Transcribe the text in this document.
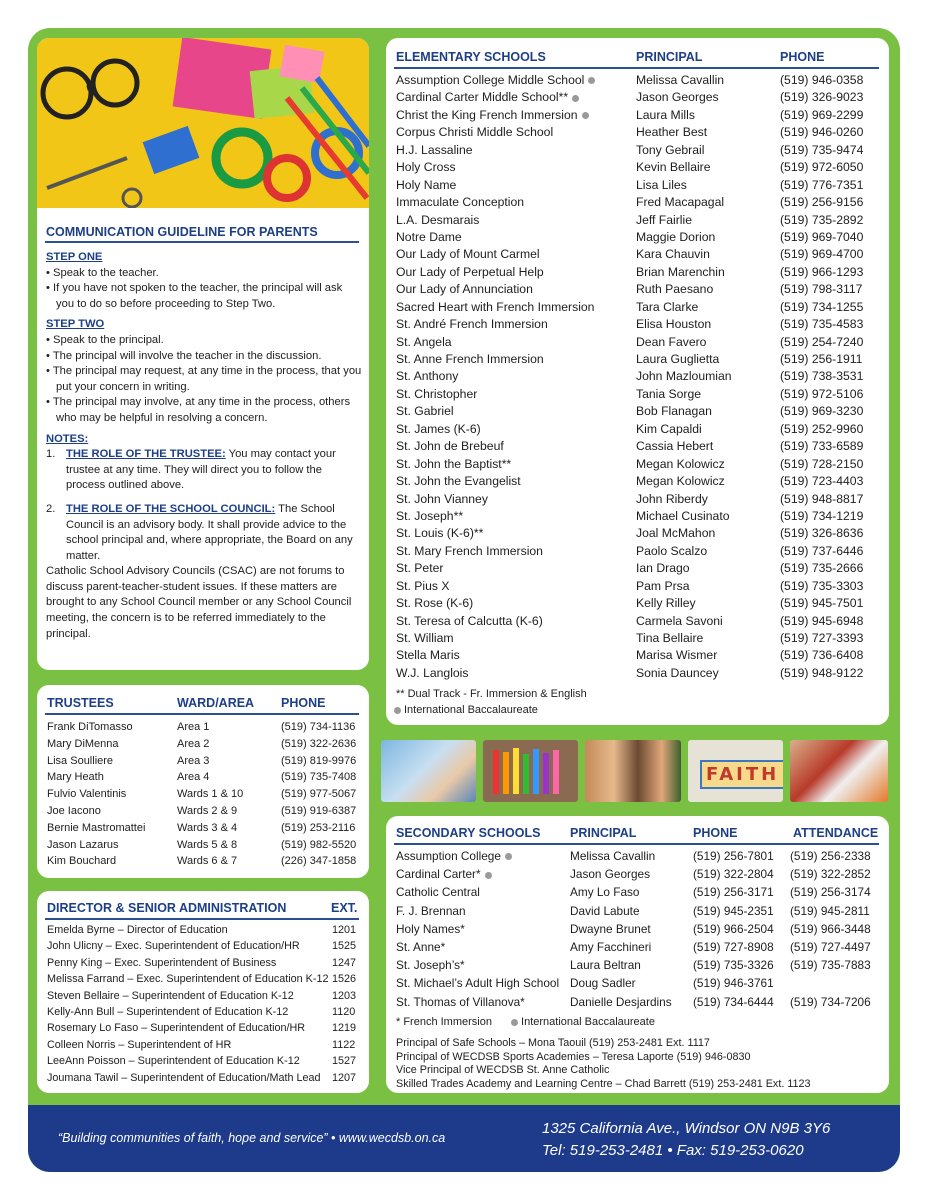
COMMUNICATION GUIDELINE FOR PARENTS
STEP ONE
• Speak to the teacher.
• If you have not spoken to the teacher, the principal will ask you to do so before proceeding to Step Two.
STEP TWO
• Speak to the principal.
• The principal will involve the teacher in the discussion.
• The principal may request, at any time in the process, that you put your concern in writing.
• The principal may involve, at any time in the process, others who may be helpful in resolving a concern.
NOTES:
1. THE ROLE OF THE TRUSTEE: You may contact your trustee at any time. They will direct you to follow the process outlined above.
2. THE ROLE OF THE SCHOOL COUNCIL: The School Council is an advisory body. It shall provide advice to the school principal and, where appropriate, the Board on any matter.
Catholic School Advisory Councils (CSAC) are not forums to discuss parent-teacher-student issues. If these matters are brought to any School Council member or any School Council meeting, the concern is to be referred immediately to the principal.
TRUSTEES	WARD/AREA PHONE
Frank DiTomasso	Area 1	(519) 734-1136
Mary DiMenna	Area 2	(519) 322-2636
Lisa Soulliere	Area 3	(519) 819-9976
Mary Heath	Area 4	(519) 735-7408
Fulvio Valentinis	Wards 1 & 10	(519) 977-5067
Joe Iacono	Wards 2 & 9	(519) 919-6387
Bernie Mastromattei	Wards 3 & 4	(519) 253-2116
Jason Lazarus	Wards 5 & 8	(519) 982-5520
Kim Bouchard	Wards 6 & 7	(226) 347-1858
DIRECTOR & SENIOR ADMINISTRATION	EXT.
Emelda Byrne – Director of Education	1201
John Ulicny – Exec. Superintendent of Education/HR	1525
Penny King – Exec. Superintendent of Business	1247
Melissa Farrand – Exec. Superintendent of Education K-12 1526
Steven Bellaire – Superintendent of Education K-12	1203
Kelly-Ann Bull – Superintendent of Education K-12	1120
Rosemary Lo Faso – Superintendent of Education/HR 1219
Colleen Norris – Superintendent of HR	1122
LeeAnn Poisson – Superintendent of Education K-12	1527
Joumana Tawil – Superintendent of Education/Math Lead 1207
ELEMENTARY SCHOOLS	PRINCIPAL	PHONE
Assumption College Middle School	Melissa Cavallin	(519) 946-0358
Cardinal Carter Middle School**	Jason Georges	(519) 326-9023
Christ the King French Immersion	Laura Mills	(519) 969-2299
Corpus Christi Middle School	Heather Best	(519) 946-0260
H.J. Lassaline	Tony Gebrail	(519) 735-9474
Holy Cross	Kevin Bellaire	(519) 972-6050
Holy Name	Lisa Liles	(519) 776-7351
Immaculate Conception	Fred Macapagal	(519) 256-9156
L.A. Desmarais	Jeff Fairlie	(519) 735-2892
Notre Dame	Maggie Dorion	(519) 969-7040
Our Lady of Mount Carmel	Kara Chauvin	(519) 969-4700
Our Lady of Perpetual Help	Brian Marenchin	(519) 966-1293
Our Lady of Annunciation	Ruth Paesano	(519) 798-3117
Sacred Heart with French Immersion	Tara Clarke	(519) 734-1255
St. André French Immersion	Elisa Houston	(519) 735-4583
St. Angela	Dean Favero	(519) 254-7240
St. Anne French Immersion	Laura Guglietta	(519) 256-1911
St. Anthony	John Mazloumian	(519) 738-3531
St. Christopher	Tania Sorge	(519) 972-5106
St. Gabriel	Bob Flanagan	(519) 969-3230
St. James (K-6)	Kim Capaldi	(519) 252-9960
St. John de Brebeuf	Cassia Hebert	(519) 733-6589
St. John the Baptist**	Megan Kolowicz	(519) 728-2150
St. John the Evangelist	Megan Kolowicz	(519) 723-4403
St. John Vianney	John Riberdy	(519) 948-8817
St. Joseph**	Michael Cusinato	(519) 734-1219
St. Louis (K-6)**	Joal McMahon	(519) 326-8636
St. Mary French Immersion	Paolo Scalzo	(519) 737-6446
St. Peter	Ian Drago	(519) 735-2666
St. Pius X	Pam Prsa	(519) 735-3303
St. Rose (K-6)	Kelly Rilley	(519) 945-7501
St. Teresa of Calcutta (K-6)	Carmela Savoni	(519) 945-6948
St. William	Tina Bellaire	(519) 727-3393
Stella Maris	Marisa Wismer	(519) 736-6408
W.J. Langlois	Sonia Dauncey	(519) 948-9122
** Dual Track - Fr. Immersion & English
International Baccalaureate
FAITH
SECONDARY SCHOOLS PRINCIPAL	PHONE	ATTENDANCE
Assumption College	Melissa Cavallin	(519) 256-7801 (519) 256-2338
Cardinal Carter*	Jason Georges	(519) 322-2804 (519) 322-2852
Catholic Central	Amy Lo Faso	(519) 256-3171 (519) 256-3174
F. J. Brennan	David Labute	(519) 945-2351 (519) 945-2811
Holy Names*	Dwayne Brunet	(519) 966-2504 (519) 966-3448
St. Anne*	Amy Facchineri	(519) 727-8908 (519) 727-4497
St. Joseph’s*	Laura Beltran	(519) 735-3326 (519) 735-7883
St. Michael’s Adult High School Doug Sadler	(519) 946-3761
St. Thomas of Villanova*	Danielle Desjardins (519) 734-6444 (519) 734-7206
* French Immersion	International Baccalaureate
Principal of Safe Schools – Mona Taouil (519) 253-2481 Ext. 1117
Principal of WECDSB Sports Academies – Teresa Laporte (519) 946-0830
Vice Principal of WECDSB St. Anne Catholic
Skilled Trades Academy and Learning Centre – Chad Barrett (519) 253-2481 Ext. 1123
“Building communities of faith, hope and service” • www.wecdsb.on.ca
1325 California Ave., Windsor ON N9B 3Y6
Tel: 519-253-2481 • Fax: 519-253-0620
